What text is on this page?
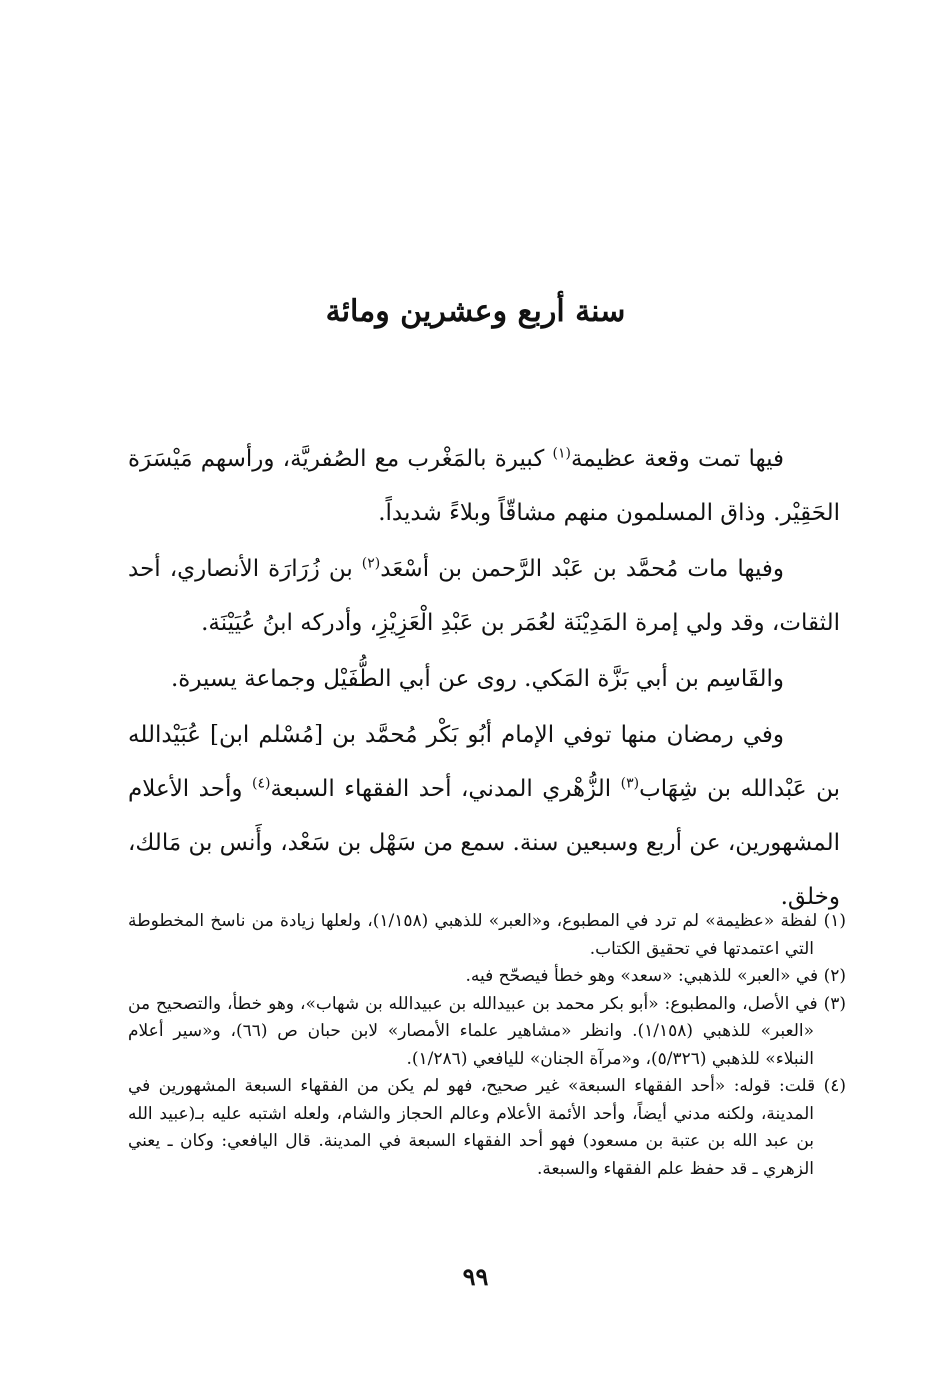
سنة أربع وعشرين ومائة

فيها تمت وقعة عظيمة$^{(١)}$ كبيرة بالمَغْرب مع الصُفريَّة، ورأسهم مَيْسَرَة الحَقِيْر. وذاق المسلمون منهم مشاقّاً وبلاءً شديداً.

وفيها مات مُحمَّد بن عَبْد الرَّحمن بن أسْعَد$^{(٢)}$ بن زُرَارَة الأنصاري، أحد الثقات، وقد ولي إمرة المَدِيْنَة لعُمَر بن عَبْدِ الْعَزِيْزِ، وأدركه ابنُ عُيَيْنَة.

والقَاسِم بن أبي بَزَّة المَكي. روى عن أبي الطُّفَيْل وجماعة يسيرة.

وفي رمضان منها توفي الإمام أبُو بَكْر مُحمَّد بن [مُسْلم ابن] عُبَيْدالله بن عَبْدالله بن شِهَاب$^{(٣)}$ الزُّهْري المدني، أحد الفقهاء السبعة$^{(٤)}$ وأحد الأعلام المشهورين، عن أربع وسبعين سنة. سمع من سَهْل بن سَعْد، وأَنس بن مَالك، وخلق.

(١) لفظة «عظيمة» لم ترد في المطبوع، و«العبر» للذهبي (١/١٥٨)، ولعلها زيادة من ناسخ المخطوطة التي اعتمدتها في تحقيق الكتاب.

(٢) في «العبر» للذهبي: «سعد» وهو خطأ فيصحّح فيه.

(٣) في الأصل، والمطبوع: «أبو بكر محمد بن عبيدالله بن عبيدالله بن شهاب»، وهو خطأ، والتصحيح من «العبر» للذهبي (١/١٥٨). وانظر «مشاهير علماء الأمصار» لابن حبان ص (٦٦)، و«سير أعلام النبلاء» للذهبي (٥/٣٢٦)، و«مرآة الجنان» لليافعي (١/٢٨٦).

(٤) قلت: قوله: «أحد الفقهاء السبعة» غير صحيح، فهو لم يكن من الفقهاء السبعة المشهورين في المدينة، ولكنه مدني أيضاً، وأحد الأئمة الأعلام وعالم الحجاز والشام، ولعله اشتبه عليه بـ(عبيد الله بن عبد الله بن عتبة بن مسعود) فهو أحد الفقهاء السبعة في المدينة. قال اليافعي: وكان ـ يعني الزهري ـ قد حفظ علم الفقهاء والسبعة.

٩٩
